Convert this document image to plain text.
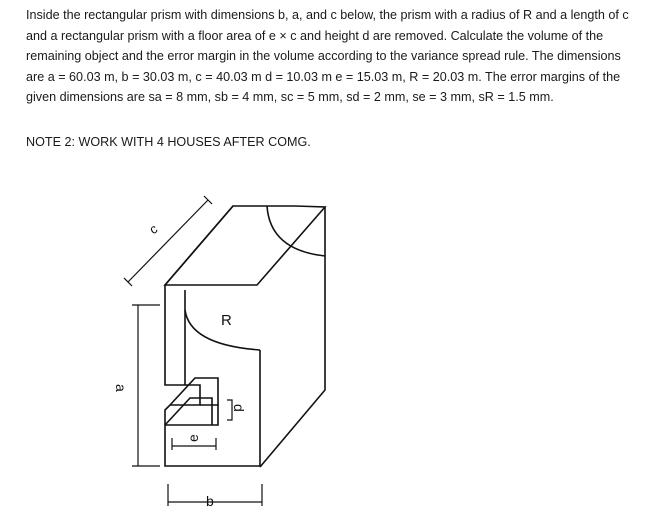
Inside the rectangular prism with dimensions b, a, and c below, the prism with a radius of R and a length of c and a rectangular prism with a floor area of e × c and height d are removed. Calculate the volume of the remaining object and the error margin in the volume according to the variance spread rule. The dimensions are a = 60.03 m, b = 30.03 m, c = 40.03 m d = 10.03 m e = 15.03 m, R = 20.03 m. The error margins of the given dimensions are sa = 8 mm, sb = 4 mm, sc = 5 mm, sd = 2 mm, se = 3 mm, sR = 1.5 mm.

NOTE 2: WORK WITH 4 HOUSES AFTER COMG.

c
R
a
d
e
b
